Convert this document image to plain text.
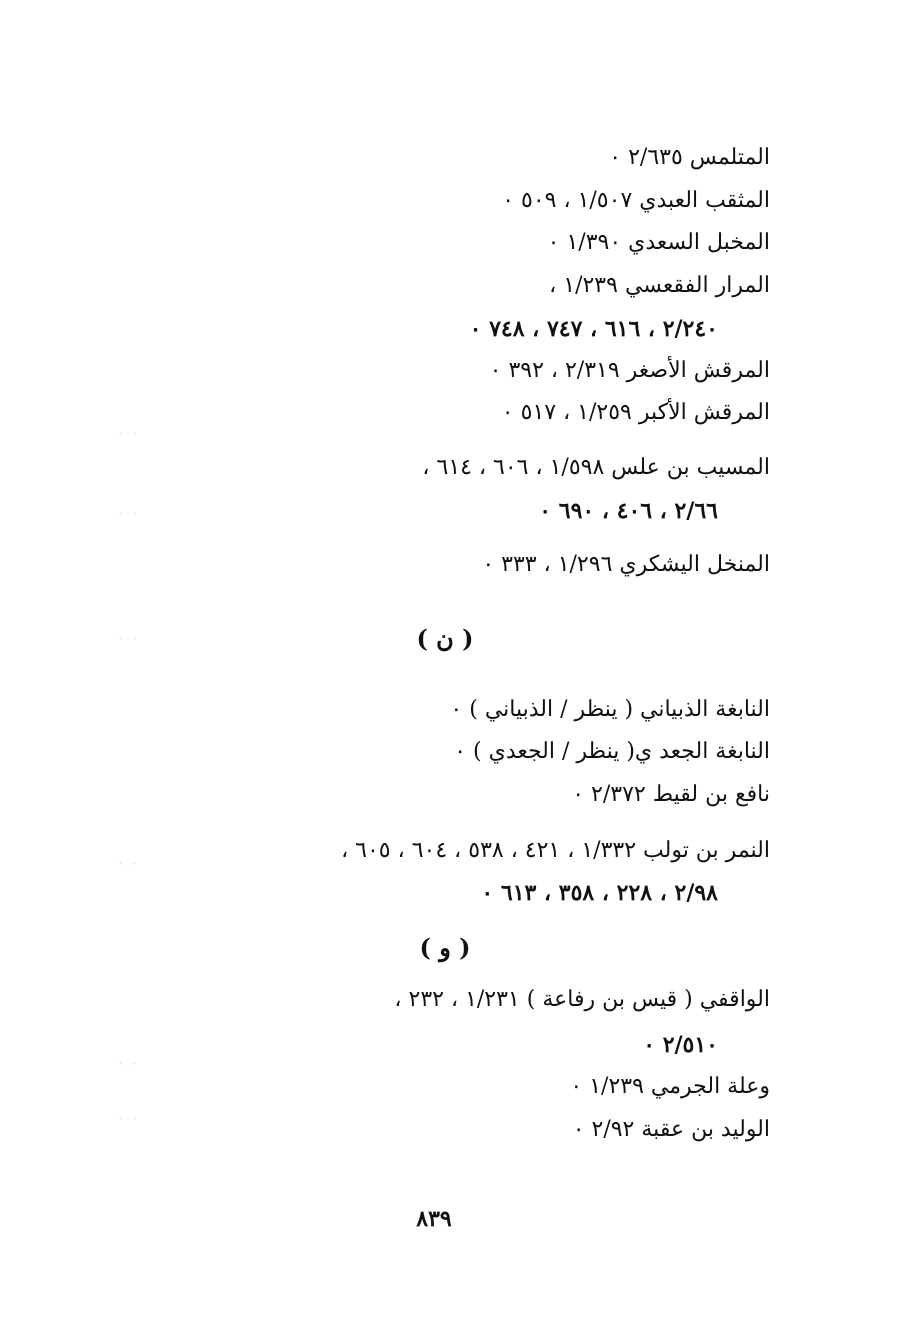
المتلمس ٢/٦٣٥ ٠
المثقب العبدي ١/٥٠٧ ، ٥٠٩ ٠
المخبل السعدي ١/٣٩٠ ٠
المرار الفقعسي ١/٢٣٩ ،
٢/٢٤٠ ، ٦١٦ ، ٧٤٧ ، ٧٤٨ ٠
المرقش الأصغر ٢/٣١٩ ، ٣٩٢ ٠
المرقش الأكبر ١/٢٥٩ ، ٥١٧ ٠
المسيب بن علس ١/٥٩٨ ، ٦٠٦ ، ٦١٤ ،
٢/٦٦ ، ٤٠٦ ، ٦٩٠ ٠
المنخل اليشكري ١/٢٩٦ ، ٣٣٣ ٠
( ن )
النابغة الذبياني ( ينظر / الذبياني ) ٠
النابغة الجعد ي( ينظر / الجعدي ) ٠
نافع بن لقيط ٢/٣٧٢ ٠
النمر بن تولب ١/٣٣٢ ، ٤٢١ ، ٥٣٨ ، ٦٠٤ ، ٦٠٥ ،
٢/٩٨ ، ٢٢٨ ، ٣٥٨ ، ٦١٣ ٠
( و )
الواقفي ( قيس بن رفاعة ) ١/٢٣١ ، ٢٣٢ ،
٢/٥١٠ ٠
وعلة الجرمي ١/٢٣٩ ٠
الوليد بن عقبة ٢/٩٢ ٠
٨٣٩
· ·
· ·
· ·
· ·
· ·
· ·
